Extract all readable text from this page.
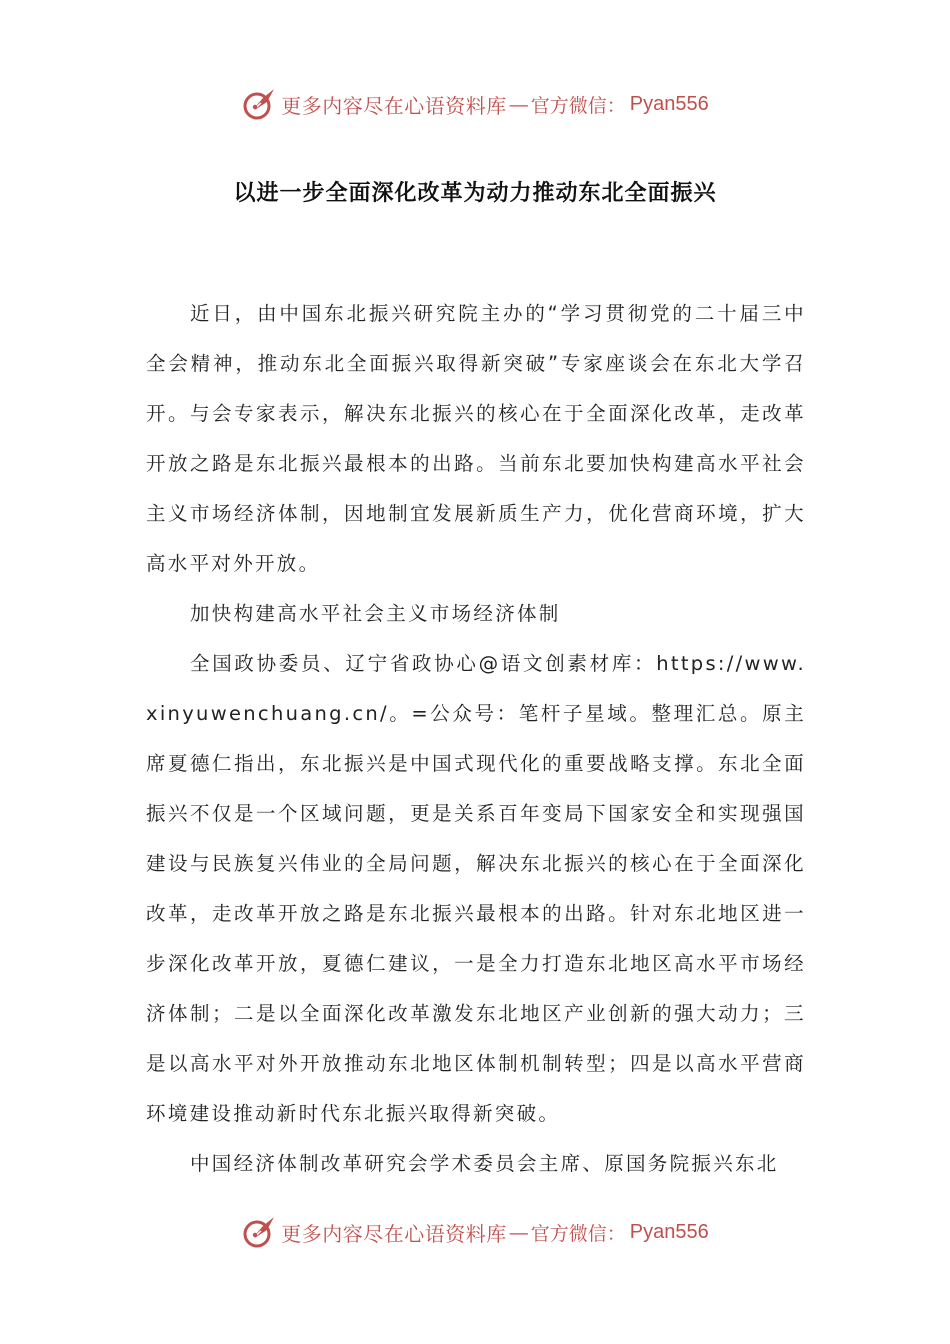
更多内容尽在心语资料库 — 官方微信： Pyan556
以进一步全面深化改革为动力推动东北全面振兴

近日，由中国东北振兴研究院主办的“学习贯彻党的二十届三中全会精神，推动东北全面振兴取得新突破”专家座谈会在东北大学召开。与会专家表示，解决东北振兴的核心在于全面深化改革，走改革开放之路是东北振兴最根本的出路。当前东北要加快构建高水平社会主义市场经济体制，因地制宜发展新质生产力，优化营商环境，扩大高水平对外开放。

加快构建高水平社会主义市场经济体制

全国政协委员、辽宁省政协心@语文创素材库：https://www.xinyuwenchuang.cn/。=公众号：笔杆子星域。整理汇总。原主席夏德仁指出，东北振兴是中国式现代化的重要战略支撑。东北全面振兴不仅是一个区域问题，更是关系百年变局下国家安全和实现强国建设与民族复兴伟业的全局问题，解决东北振兴的核心在于全面深化改革，走改革开放之路是东北振兴最根本的出路。针对东北地区进一步深化改革开放，夏德仁建议，一是全力打造东北地区高水平市场经济体制；二是以全面深化改革激发东北地区产业创新的强大动力；三是以高水平对外开放推动东北地区体制机制转型；四是以高水平营商环境建设推动新时代东北振兴取得新突破。

中国经济体制改革研究会学术委员会主席、原国务院振兴东北

更多内容尽在心语资料库 — 官方微信： Pyan556
